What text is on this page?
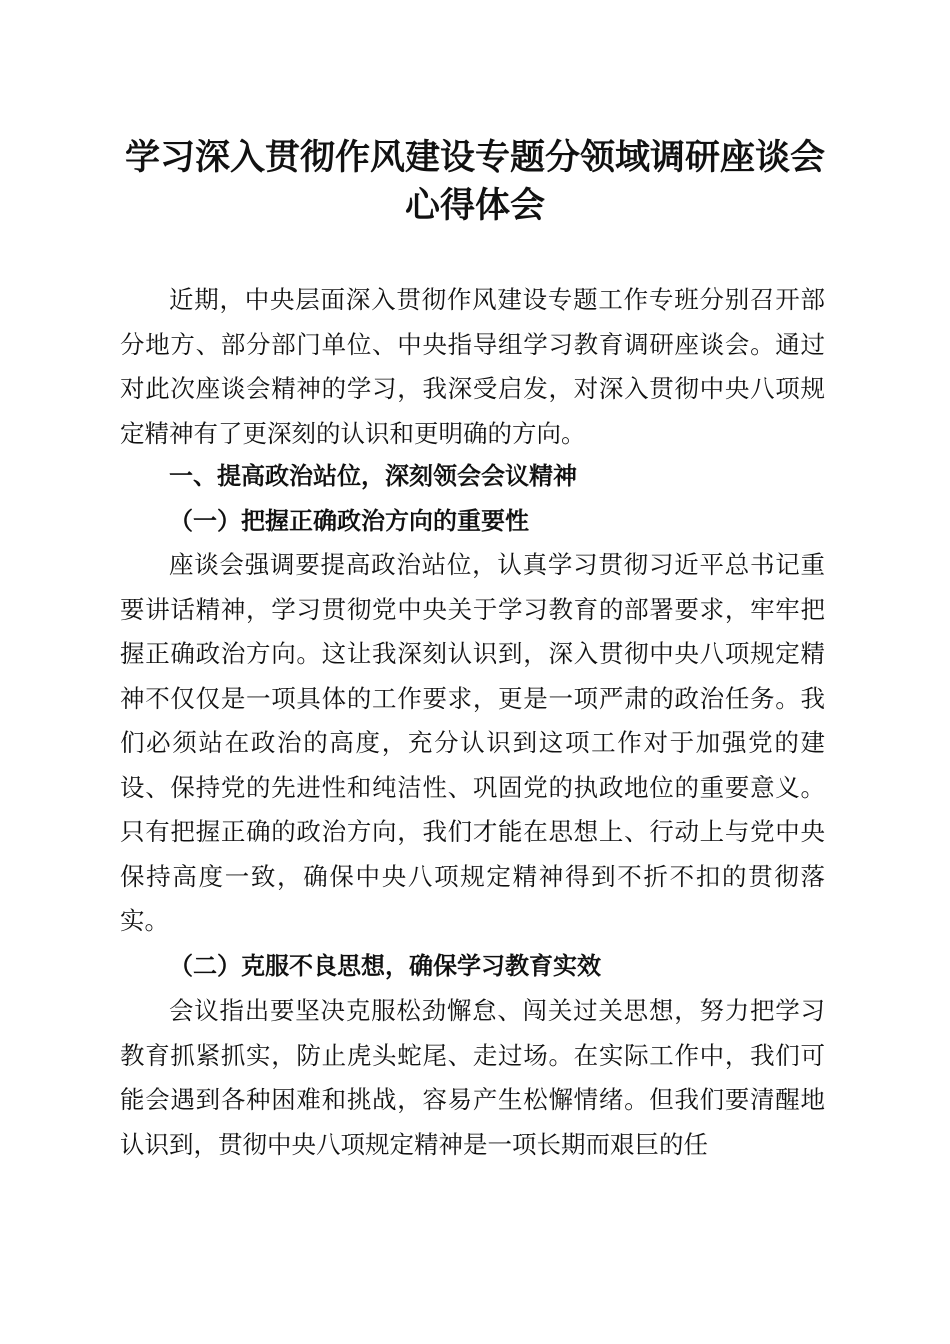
学习深入贯彻作风建设专题分领域调研座谈会
心得体会

近期，中央层面深入贯彻作风建设专题工作专班分别召开部分地方、部分部门单位、中央指导组学习教育调研座谈会。通过对此次座谈会精神的学习，我深受启发，对深入贯彻中央八项规定精神有了更深刻的认识和更明确的方向。

一、提高政治站位，深刻领会会议精神
（一）把握正确政治方向的重要性

座谈会强调要提高政治站位，认真学习贯彻习近平总书记重要讲话精神，学习贯彻党中央关于学习教育的部署要求，牢牢把握正确政治方向。这让我深刻认识到，深入贯彻中央八项规定精神不仅仅是一项具体的工作要求，更是一项严肃的政治任务。我们必须站在政治的高度，充分认识到这项工作对于加强党的建设、保持党的先进性和纯洁性、巩固党的执政地位的重要意义。只有把握正确的政治方向，我们才能在思想上、行动上与党中央保持高度一致，确保中央八项规定精神得到不折不扣的贯彻落实。

（二）克服不良思想，确保学习教育实效

会议指出要坚决克服松劲懈怠、闯关过关思想，努力把学习教育抓紧抓实，防止虎头蛇尾、走过场。在实际工作中，我们可能会遇到各种困难和挑战，容易产生松懈情绪。但我们要清醒地认识到，贯彻中央八项规定精神是一项长期而艰巨的任
